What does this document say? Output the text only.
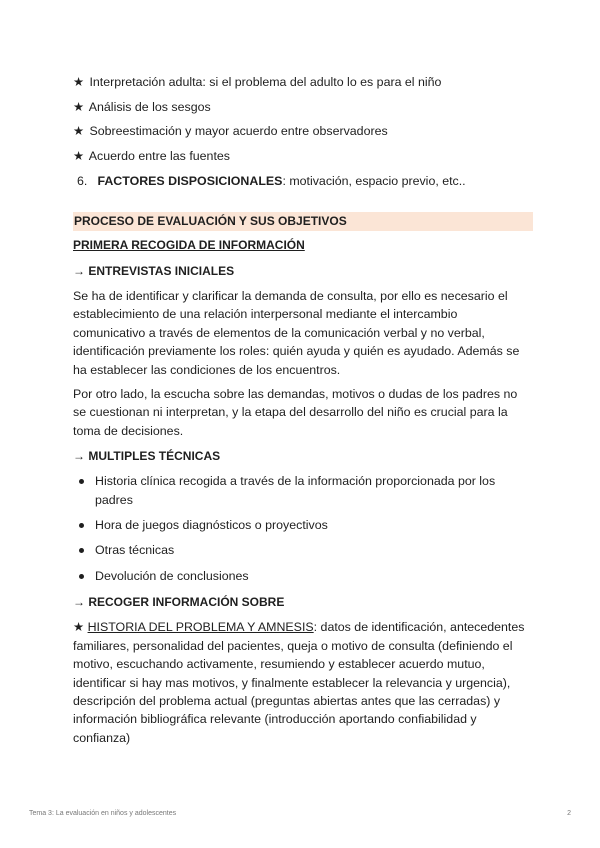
★ Interpretación adulta: si el problema del adulto lo es para el niño
★ Análisis de los sesgos
★ Sobreestimación y mayor acuerdo entre observadores
★ Acuerdo entre las fuentes
6. FACTORES DISPOSICIONALES: motivación, espacio previo, etc..
PROCESO DE EVALUACIÓN Y SUS OBJETIVOS
PRIMERA RECOGIDA DE INFORMACIÓN
→ ENTREVISTAS INICIALES

Se ha de identificar y clarificar la demanda de consulta, por ello es necesario el establecimiento de una relación interpersonal mediante el intercambio comunicativo a través de elementos de la comunicación verbal y no verbal, identificación previamente los roles: quién ayuda y quién es ayudado. Además se ha establecer las condiciones de los encuentros.

Por otro lado, la escucha sobre las demandas, motivos o dudas de los padres no se cuestionan ni interpretan, y la etapa del desarrollo del niño es crucial para la toma de decisiones.

→ MULTIPLES TÉCNICAS
Historia clínica recogida a través de la información proporcionada por los padres
Hora de juegos diagnósticos o proyectivos
Otras técnicas
Devolución de conclusiones
→ RECOGER INFORMACIÓN SOBRE

★ HISTORIA DEL PROBLEMA Y AMNESIS: datos de identificación, antecedentes familiares, personalidad del pacientes, queja o motivo de consulta (definiendo el motivo, escuchando activamente, resumiendo y establecer acuerdo mutuo, identificar si hay mas motivos, y finalmente establecer la relevancia y urgencia), descripción del problema actual (preguntas abiertas antes que las cerradas) y información bibliográfica relevante (introducción aportando confiabilidad y confianza)

Tema 3: La evaluación en niños y adolescentes	2
